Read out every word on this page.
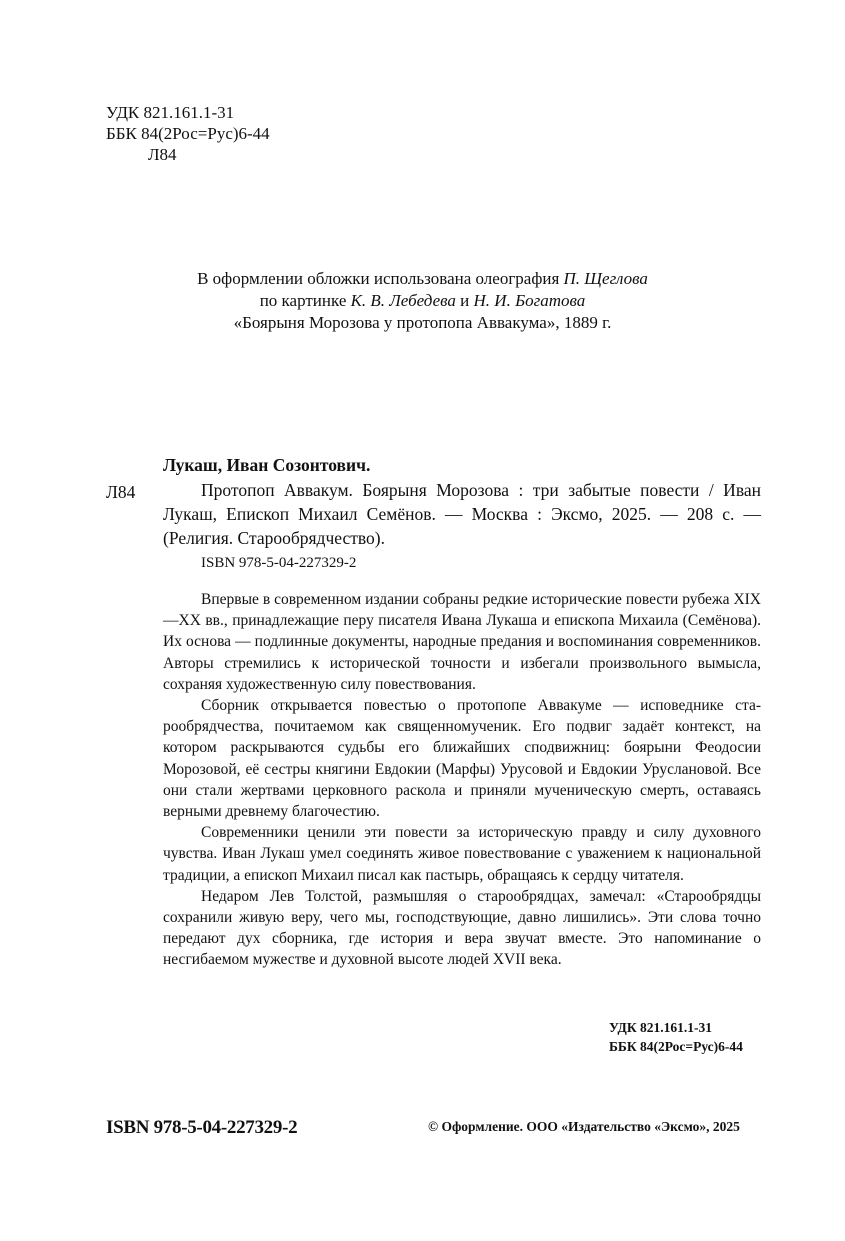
УДК 821.161.1-31
ББК 84(2Рос=Рус)6-44
Л84
В оформлении обложки использована олеография П. Щеглова
по картинке К. В. Лебедева и Н. И. Богатова
«Боярыня Морозова у протопопа Аввакума», 1889 г.
Лукаш, Иван Созонтович.
Л84	Протопоп Аввакум. Боярыня Морозова : три забытые повести / Иван Лукаш, Епископ Михаил Семёнов. — Москва : Эксмо, 2025. — 208 с. — (Религия. Старообрядчество).
ISBN 978-5-04-227329-2

Впервые в современном издании собраны редкие исторические повести рубежа XIX—XX вв., принадлежащие перу писателя Ивана Лукаша и епископа Михаила (Семёнова). Их основа — подлинные документы, народные предания и воспоминания современников. Авторы стремились к исторической точности и избегали произвольного вымысла, сохраняя художественную силу повествования.

Сборник открывается повестью о протопопе Аввакуме — исповеднике старообрядчества, почитаемом как священномученик. Его подвиг задаёт контекст, на котором раскрываются судьбы его ближайших сподвижниц: боярыни Феодосии Морозовой, её сестры княгини Евдокии (Марфы) Урусовой и Евдокии Уруслановой. Все они стали жертвами церковного раскола и приняли мученическую смерть, оставаясь верными древнему благочестию.

Современники ценили эти повести за историческую правду и силу духовного чувства. Иван Лукаш умел соединять живое повествование с уважением к национальной традиции, а епископ Михаил писал как пастырь, обращаясь к сердцу читателя.

Недаром Лев Толстой, размышляя о старообрядцах, замечал: «Старообрядцы сохранили живую веру, чего мы, господствующие, давно лишились». Эти слова точно передают дух сборника, где история и вера звучат вместе. Это напоминание о несгибаемом мужестве и духовной высоте людей XVII века.

УДК 821.161.1-31
ББК 84(2Рос=Рус)6-44
ISBN 978-5-04-227329-2	© Оформление. ООО «Издательство «Эксмо», 2025
